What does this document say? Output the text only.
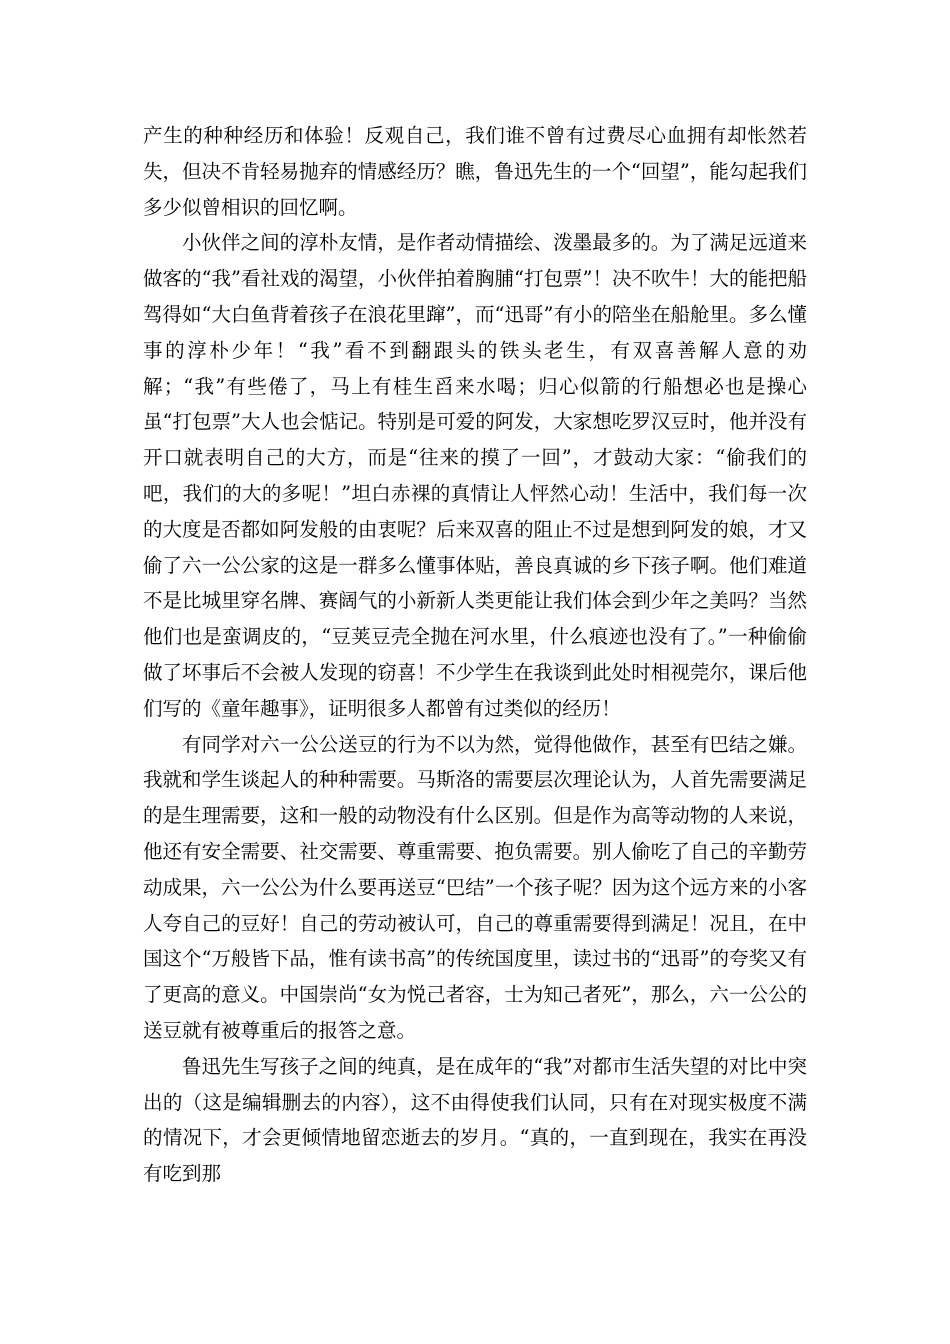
产生的种种经历和体验！反观自己，我们谁不曾有过费尽心血拥有却怅然若失，但决不肯轻易抛弃的情感经历？瞧，鲁迅先生的一个“回望”，能勾起我们多少似曾相识的回忆啊。

小伙伴之间的淳朴友情，是作者动情描绘、泼墨最多的。为了满足远道来做客的“我”看社戏的渴望，小伙伴拍着胸脯“打包票”！决不吹牛！大的能把船驾得如“大白鱼背着孩子在浪花里蹿”，而“迅哥”有小的陪坐在船舱里。多么懂事的淳朴少年！“我”看不到翻跟头的铁头老生，有双喜善解人意的劝解；“我”有些倦了，马上有桂生舀来水喝；归心似箭的行船想必也是操心虽“打包票”大人也会惦记。特别是可爱的阿发，大家想吃罗汉豆时，他并没有开口就表明自己的大方，而是“往来的摸了一回”，才鼓动大家：“偷我们的吧，我们的大的多呢！”坦白赤裸的真情让人怦然心动！生活中，我们每一次的大度是否都如阿发般的由衷呢？后来双喜的阻止不过是想到阿发的娘，才又偷了六一公公家的这是一群多么懂事体贴，善良真诚的乡下孩子啊。他们难道不是比城里穿名牌、赛阔气的小新新人类更能让我们体会到少年之美吗？当然他们也是蛮调皮的，“豆荚豆壳全抛在河水里，什么痕迹也没有了。”一种偷偷做了坏事后不会被人发现的窃喜！不少学生在我谈到此处时相视莞尔，课后他们写的《童年趣事》，证明很多人都曾有过类似的经历！

有同学对六一公公送豆的行为不以为然，觉得他做作，甚至有巴结之嫌。我就和学生谈起人的种种需要。马斯洛的需要层次理论认为，人首先需要满足的是生理需要，这和一般的动物没有什么区别。但是作为高等动物的人来说，他还有安全需要、社交需要、尊重需要、抱负需要。别人偷吃了自己的辛勤劳动成果，六一公公为什么要再送豆“巴结”一个孩子呢？因为这个远方来的小客人夸自己的豆好！自己的劳动被认可，自己的尊重需要得到满足！况且，在中国这个“万般皆下品，惟有读书高”的传统国度里，读过书的“迅哥”的夸奖又有了更高的意义。中国崇尚“女为悦己者容，士为知己者死”，那么，六一公公的送豆就有被尊重后的报答之意。

鲁迅先生写孩子之间的纯真，是在成年的“我”对都市生活失望的对比中突出的（这是编辑删去的内容），这不由得使我们认同，只有在对现实极度不满的情况下，才会更倾情地留恋逝去的岁月。“真的，一直到现在，我实在再没有吃到那
